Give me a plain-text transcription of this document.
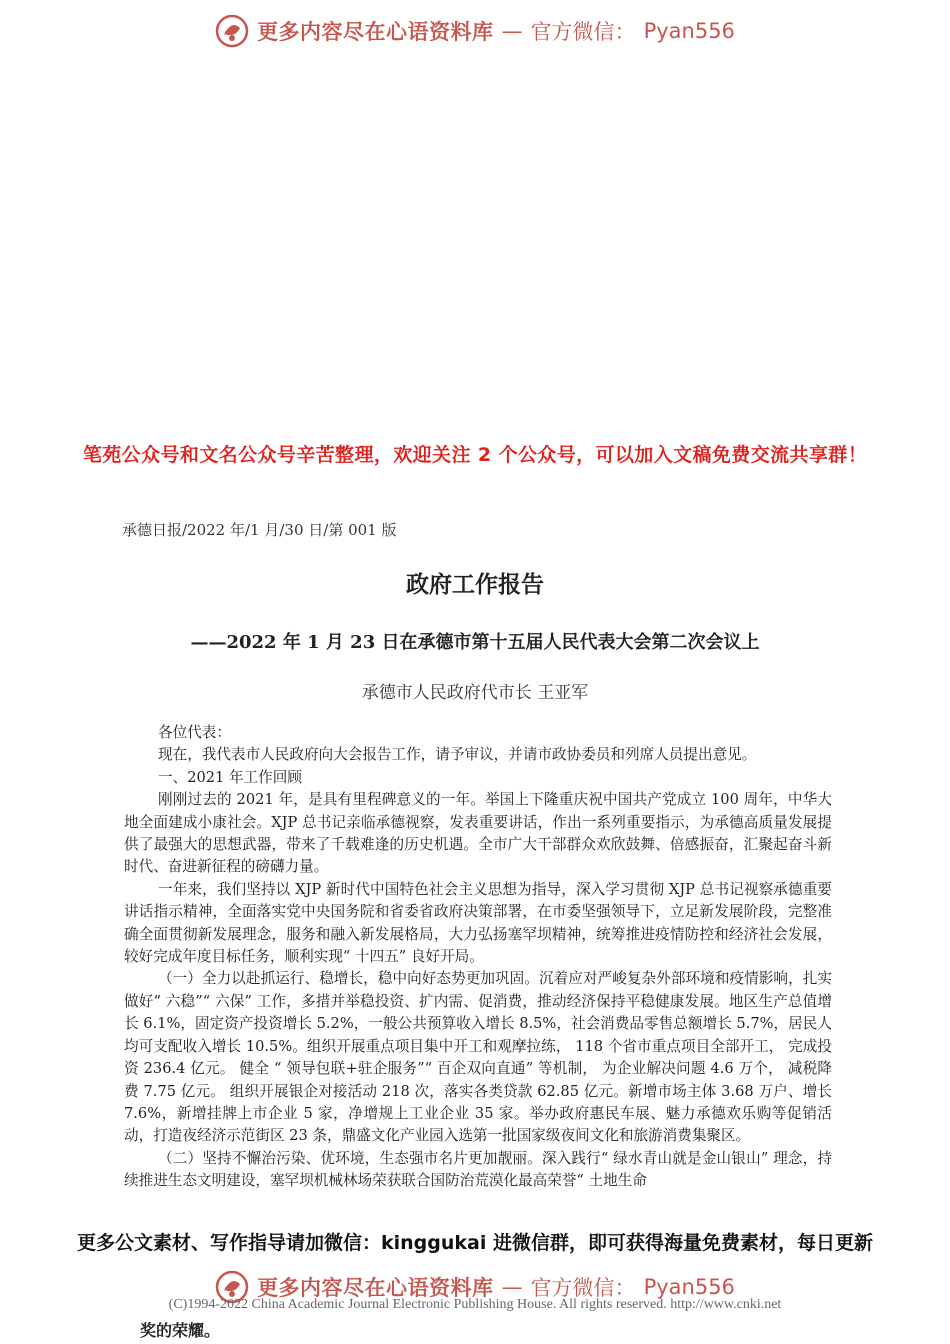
更多内容尽在心语资料库 — 官方微信： Pyan556
笔苑公众号和文名公众号辛苦整理，欢迎关注 2 个公众号，可以加入文稿免费交流共享群！
承德日报/2022 年/1 月/30 日/第 001 版
政府工作报告
——2022 年 1 月 23 日在承德市第十五届人民代表大会第二次会议上
承德市人民政府代市长 王亚军

各位代表：

现在，我代表市人民政府向大会报告工作，请予审议，并请市政协委员和列席人员提出意见。

一、2021 年工作回顾

刚刚过去的 2021 年，是具有里程碑意义的一年。举国上下隆重庆祝中国共产党成立 100 周年，中华大地全面建成小康社会。XJP 总书记亲临承德视察，发表重要讲话，作出一系列重要指示，为承德高质量发展提供了最强大的思想武器，带来了千载难逢的历史机遇。全市广大干部群众欢欣鼓舞、倍感振奋，汇聚起奋斗新时代、奋进新征程的磅礴力量。

一年来，我们坚持以 XJP 新时代中国特色社会主义思想为指导，深入学习贯彻 XJP 总书记视察承德重要讲话指示精神，全面落实党中央国务院和省委省政府决策部署，在市委坚强领导下，立足新发展阶段，完整准确全面贯彻新发展理念，服务和融入新发展格局，大力弘扬塞罕坝精神，统筹推进疫情防控和经济社会发展，较好完成年度目标任务，顺利实现“ 十四五” 良好开局。

（一）全力以赴抓运行、稳增长，稳中向好态势更加巩固。沉着应对严峻复杂外部环境和疫情影响，扎实做好“ 六稳”“ 六保” 工作，多措并举稳投资、扩内需、促消费，推动经济保持平稳健康发展。地区生产总值增长 6.1%，固定资产投资增长 5.2%，一般公共预算收入增长 8.5%，社会消费品零售总额增长 5.7%，居民人均可支配收入增长 10.5%。组织开展重点项目集中开工和观摩拉练， 118 个省市重点项目全部开工， 完成投资 236.4 亿元。 健全 “ 领导包联+驻企服务”“ 百企双向直通” 等机制， 为企业解决问题 4.6 万个， 减税降费 7.75 亿元。 组织开展银企对接活动 218 次，落实各类贷款 62.85 亿元。新增市场主体 3.68 万户、增长 7.6%，新增挂牌上市企业 5 家，净增规上工业企业 35 家。举办政府惠民车展、魅力承德欢乐购等促销活动，打造夜经济示范街区 23 条，鼎盛文化产业园入选第一批国家级夜间文化和旅游消费集聚区。

（二）坚持不懈治污染、优环境，生态强市名片更加靓丽。深入践行“ 绿水青山就是金山银山” 理念，持续推进生态文明建设，塞罕坝机械林场荣获联合国防治荒漠化最高荣誉“ 土地生命

更多公文素材、写作指导请加微信：kinggukai 进微信群，即可获得海量免费素材，每日更新
更多内容尽在心语资料库 — 官方微信： Pyan556
(C)1994-2022 China Academic Journal Electronic Publishing House. All rights reserved. http://www.cnki.net
奖的荣耀。
